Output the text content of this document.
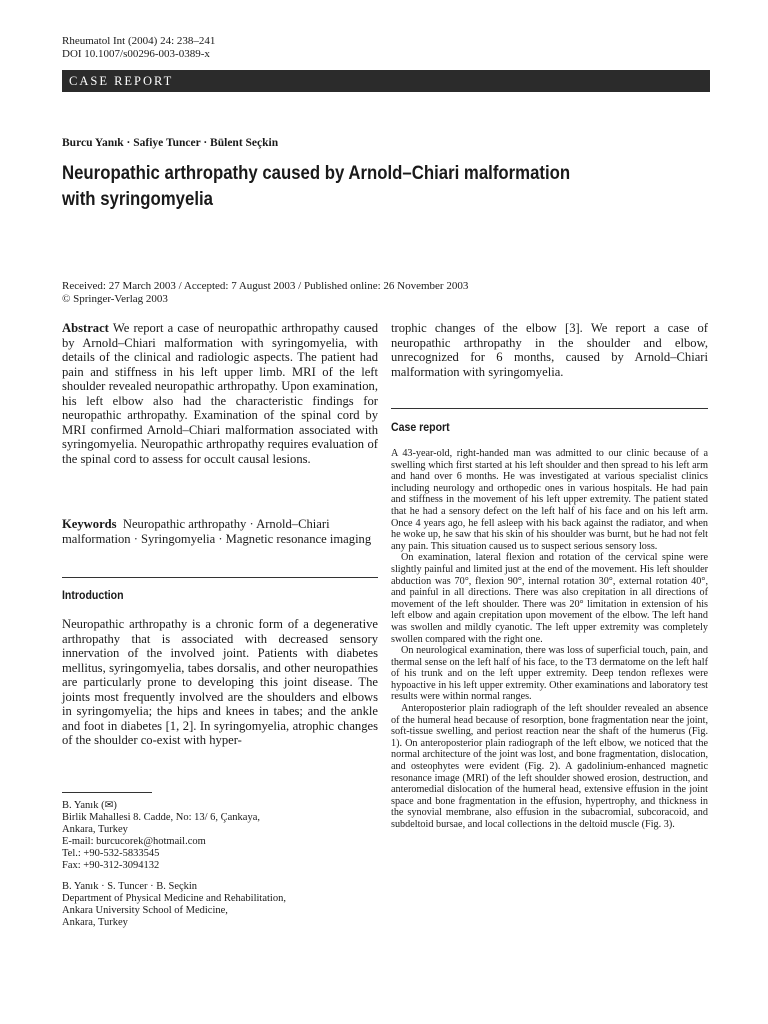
Rheumatol Int (2004) 24: 238–241
DOI 10.1007/s00296-003-0389-x
CASE REPORT
Burcu Yanık · Safiye Tuncer · Bülent Seçkin
Neuropathic arthropathy caused by Arnold–Chiari malformation
with syringomyelia
Received: 27 March 2003 / Accepted: 7 August 2003 / Published online: 26 November 2003
© Springer-Verlag 2003

Abstract We report a case of neuropathic arthropathy caused by Arnold–Chiari malformation with syringomyelia, with details of the clinical and radiologic aspects. The patient had pain and stiffness in his left upper limb. MRI of the left shoulder revealed neuropathic arthropathy. Upon examination, his left elbow also had the characteristic findings for neuropathic arthropathy. Examination of the spinal cord by MRI confirmed Arnold–Chiari malformation associated with syringomyelia. Neuropathic arthropathy requires evaluation of the spinal cord to assess for occult causal lesions.

Keywords Neuropathic arthropathy · Arnold–Chiari malformation · Syringomyelia · Magnetic resonance imaging

Introduction

Neuropathic arthropathy is a chronic form of a degenerative arthropathy that is associated with decreased sensory innervation of the involved joint. Patients with diabetes mellitus, syringomyelia, tabes dorsalis, and other neuropathies are particularly prone to developing this joint disease. The joints most frequently involved are the shoulders and elbows in syringomyelia; the hips and knees in tabes; and the ankle and foot in diabetes [1, 2]. In syringomyelia, atrophic changes of the shoulder co-exist with hyper-

B. Yanık (✉)
Birlik Mahallesi 8. Cadde, No: 13/ 6, Çankaya,
Ankara, Turkey
E-mail: burcucorek@hotmail.com
Tel.: +90-532-5833545
Fax: +90-312-3094132
B. Yanık · S. Tuncer · B. Seçkin
Department of Physical Medicine and Rehabilitation,
Ankara University School of Medicine,
Ankara, Turkey

trophic changes of the elbow [3]. We report a case of neuropathic arthropathy in the shoulder and elbow, unrecognized for 6 months, caused by Arnold–Chiari malformation with syringomyelia.

Case report

A 43-year-old, right-handed man was admitted to our clinic because of a swelling which first started at his left shoulder and then spread to his left arm and hand over 6 months. He was investigated at various specialist clinics including neurology and orthopedic ones in various hospitals. He had pain and stiffness in the movement of his left upper extremity. The patient stated that he had a sensory defect on the left half of his face and on his left arm. Once 4 years ago, he fell asleep with his back against the radiator, and when he woke up, he saw that his skin of his shoulder was burnt, but he had not felt any pain. This situation caused us to suspect serious sensory loss.

On examination, lateral flexion and rotation of the cervical spine were slightly painful and limited just at the end of the movement. His left shoulder abduction was 70°, flexion 90°, internal rotation 30°, external rotation 40°, and painful in all directions. There was also crepitation in all directions of movement of the left shoulder. There was 20° limitation in extension of his left elbow and again crepitation upon movement of the elbow. The left hand was swollen and mildly cyanotic. The left upper extremity was completely swollen compared with the right one.

On neurological examination, there was loss of superficial touch, pain, and thermal sense on the left half of his face, to the T3 dermatome on the left half of his trunk and on the left upper extremity. Deep tendon reflexes were hypoactive in his left upper extremity. Other examinations and laboratory test results were within normal ranges.

Anteroposterior plain radiograph of the left shoulder revealed an absence of the humeral head because of resorption, bone fragmentation near the joint, soft-tissue swelling, and periost reaction near the shaft of the humerus (Fig. 1). On anteroposterior plain radiograph of the left elbow, we noticed that the normal architecture of the joint was lost, and bone fragmentation, dislocation, and osteophytes were evident (Fig. 2). A gadolinium-enhanced magnetic resonance image (MRI) of the left shoulder showed erosion, destruction, and anteromedial dislocation of the humeral head, extensive effusion in the joint space and bone fragmentation in the effusion, hypertrophy, and thickness in the synovial membrane, also effusion in the subacromial, subcoracoid, and subdeltoid bursae, and local collections in the deltoid muscle (Fig. 3).
